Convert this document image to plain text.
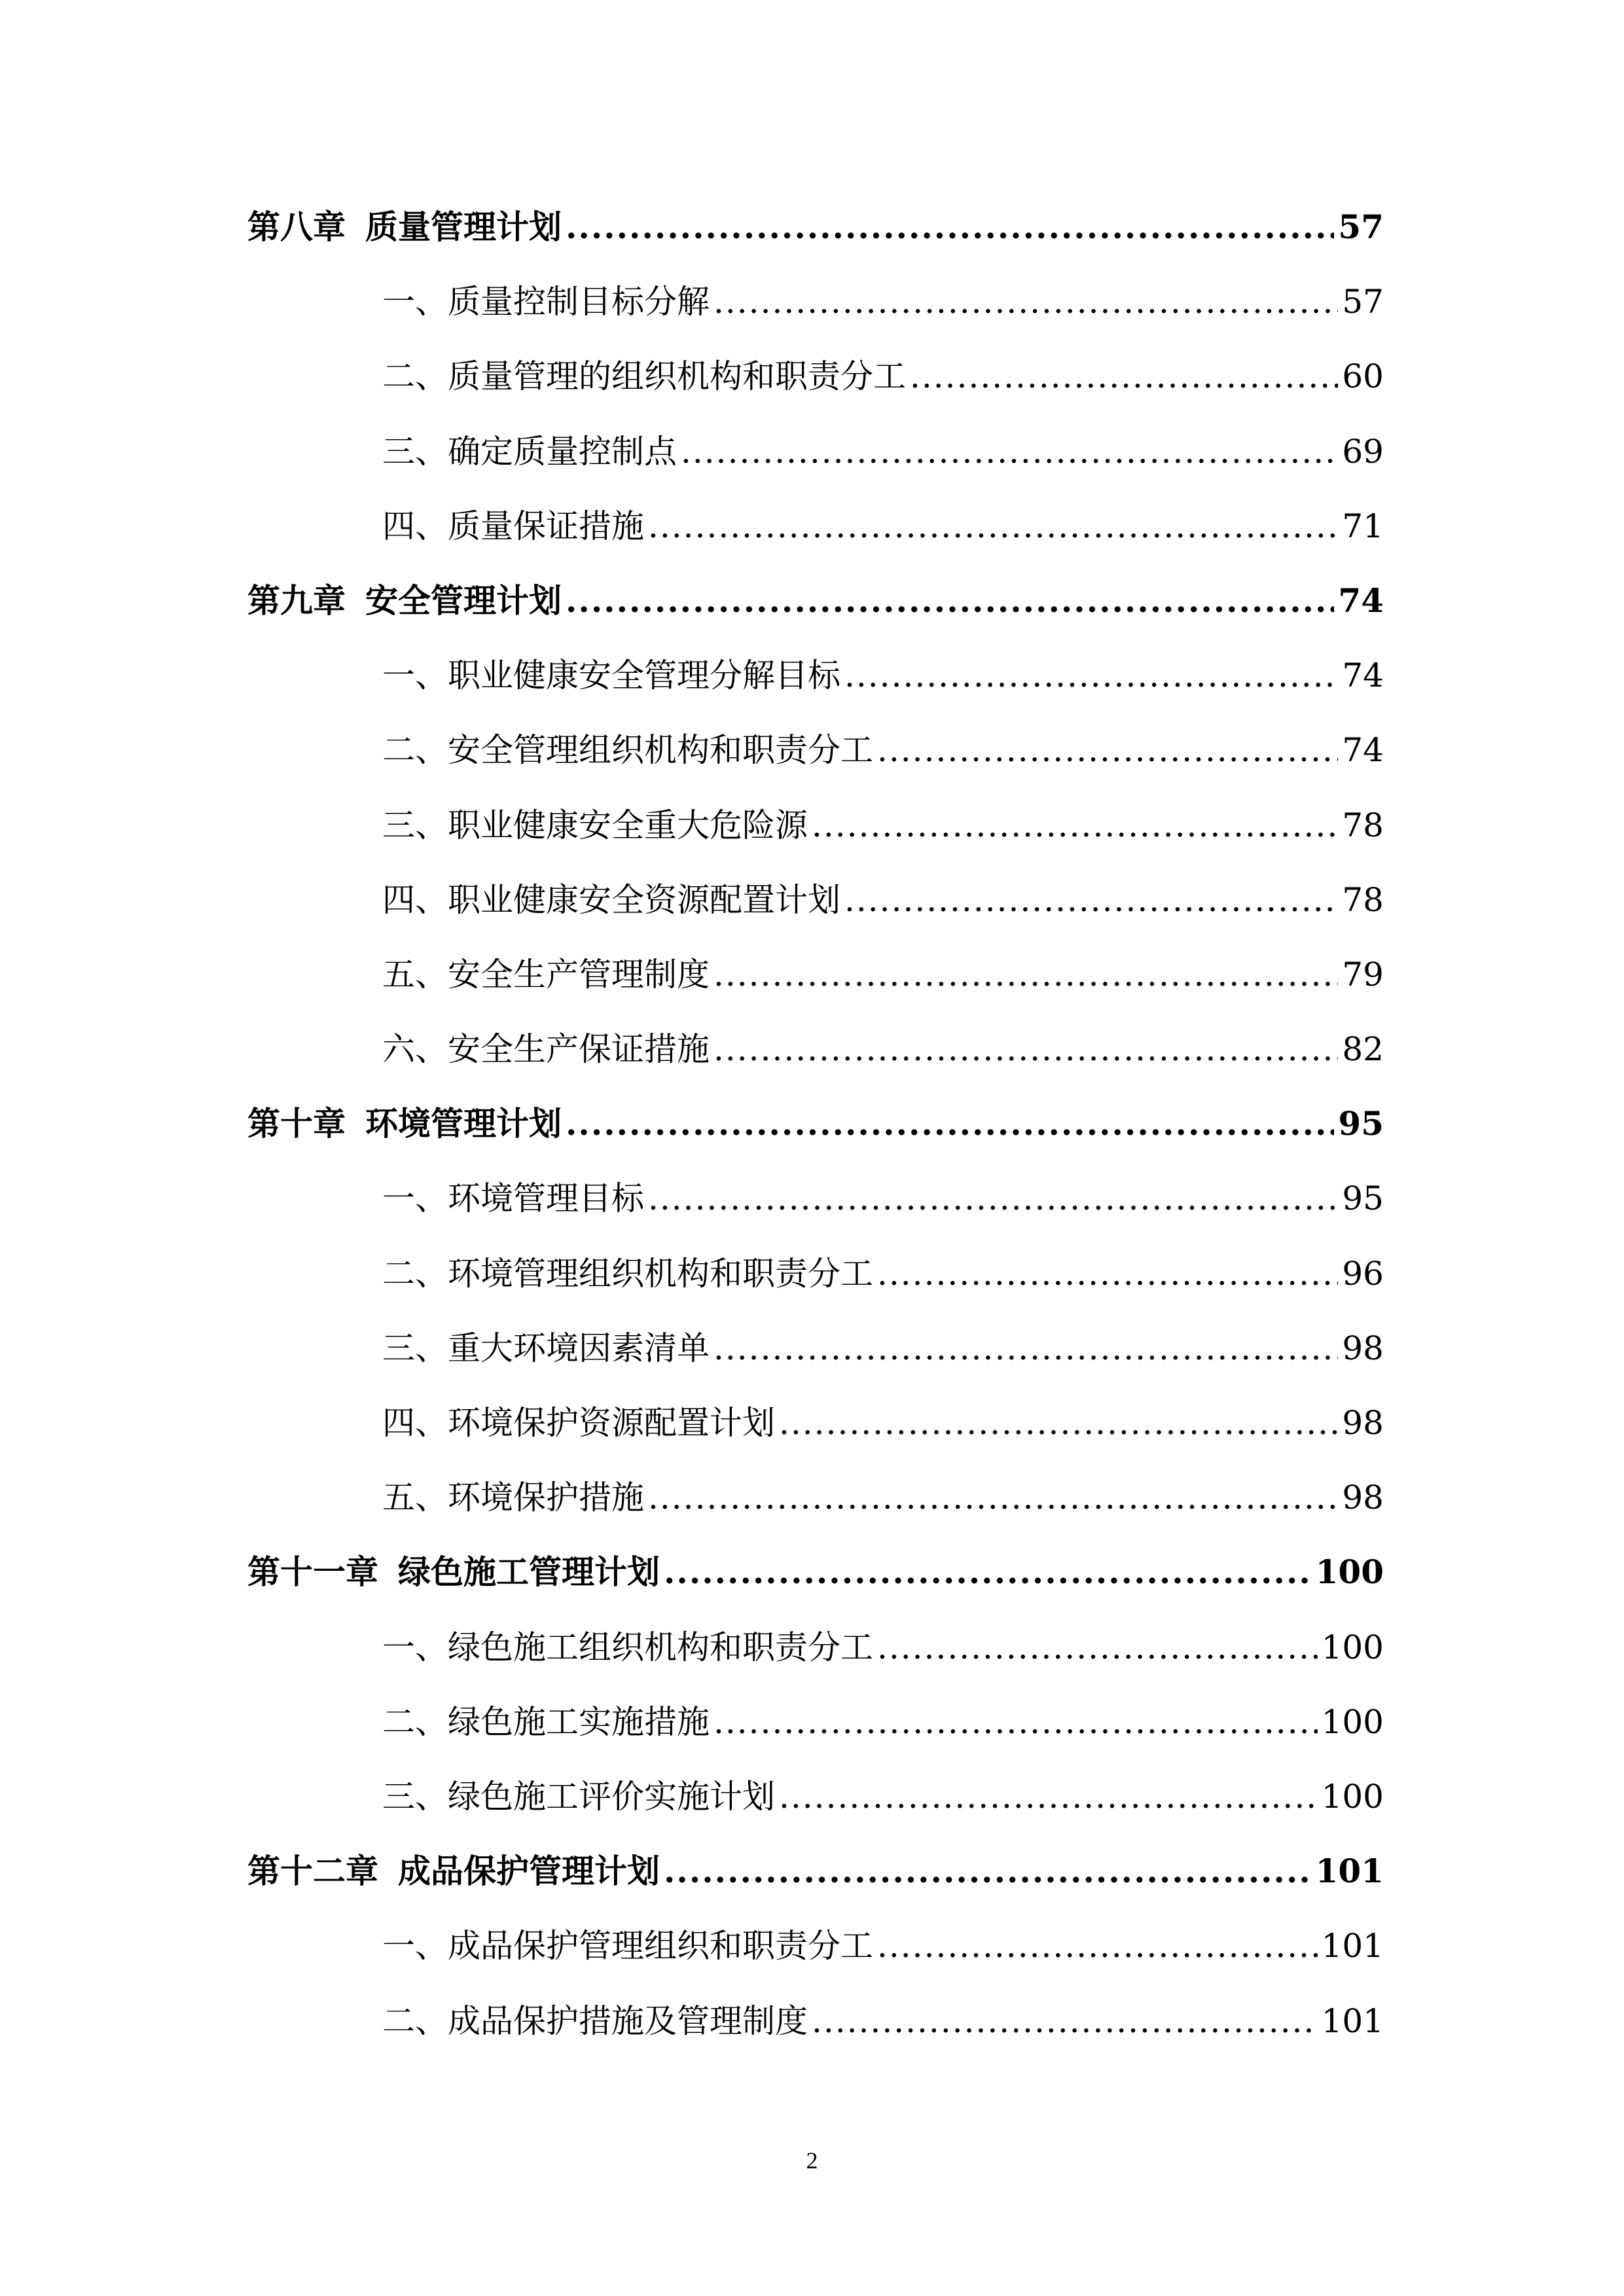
第八章 质量管理计划 .....	57
一、质量控制目标分解 .....	57
二、质量管理的组织机构和职责分工 .....	60
三、确定质量控制点 .....	69
四、质量保证措施 .....	71
第九章 安全管理计划 .....	74
一、职业健康安全管理分解目标 .....	74
二、安全管理组织机构和职责分工 .....	74
三、职业健康安全重大危险源 .....	78
四、职业健康安全资源配置计划 .....	78
五、安全生产管理制度 .....	79
六、安全生产保证措施 .....	82
第十章 环境管理计划 .....	95
一、环境管理目标 .....	95
二、环境管理组织机构和职责分工 .....	96
三、重大环境因素清单 .....	98
四、环境保护资源配置计划 .....	98
五、环境保护措施 .....	98
第十一章 绿色施工管理计划 .....	100
一、绿色施工组织机构和职责分工 .....	100
二、绿色施工实施措施 .....	100
三、绿色施工评价实施计划 .....	100
第十二章 成品保护管理计划 .....	101
一、成品保护管理组织和职责分工 .....	101
二、成品保护措施及管理制度 .....	101
2
